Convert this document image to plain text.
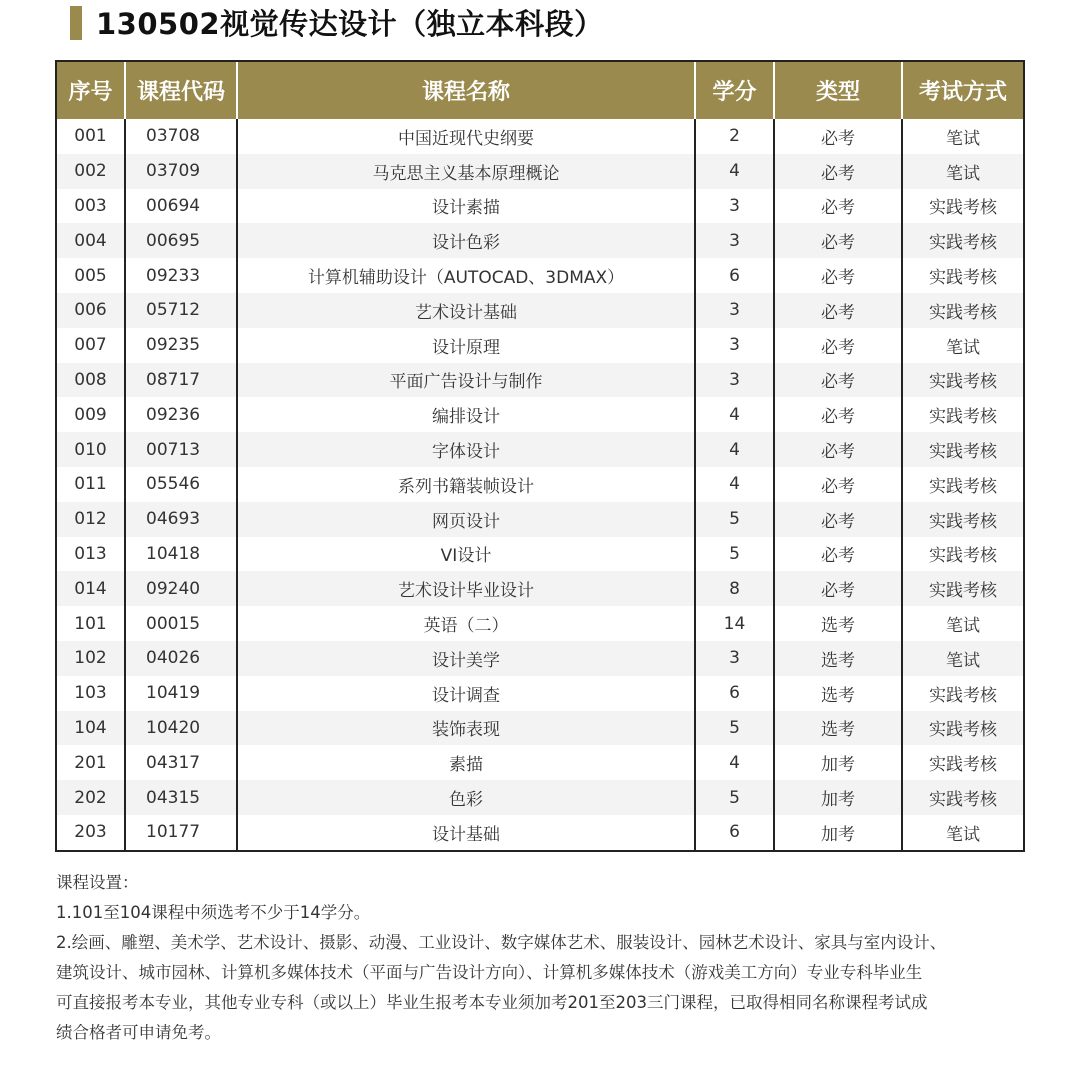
130502视觉传达设计（独立本科段）
序号	课程代码	课程名称	学分	类型	考试方式
001	03708	中国近现代史纲要	2	必考	笔试
002	03709	马克思主义基本原理概论	4	必考	笔试
003	00694	设计素描	3	必考	实践考核
004	00695	设计色彩	3	必考	实践考核
005	09233	计算机辅助设计（AUTOCAD、3DMAX）	6	必考	实践考核
006	05712	艺术设计基础	3	必考	实践考核
007	09235	设计原理	3	必考	笔试
008	08717	平面广告设计与制作	3	必考	实践考核
009	09236	编排设计	4	必考	实践考核
010	00713	字体设计	4	必考	实践考核
011	05546	系列书籍装帧设计	4	必考	实践考核
012	04693	网页设计	5	必考	实践考核
013	10418	VI设计	5	必考	实践考核
014	09240	艺术设计毕业设计	8	必考	实践考核
101	00015	英语（二）	14	选考	笔试
102	04026	设计美学	3	选考	笔试
103	10419	设计调查	6	选考	实践考核
104	10420	装饰表现	5	选考	实践考核
201	04317	素描	4	加考	实践考核
202	04315	色彩	5	加考	实践考核
203	10177	设计基础	6	加考	笔试

课程设置：

1.101至104课程中须选考不少于14学分。

2.绘画、雕塑、美术学、艺术设计、摄影、动漫、工业设计、数字媒体艺术、服装设计、园林艺术设计、家具与室内设计、

建筑设计、城市园林、计算机多媒体技术（平面与广告设计方向）、计算机多媒体技术（游戏美工方向）专业专科毕业生

可直接报考本专业，其他专业专科（或以上）毕业生报考本专业须加考201至203三门课程，已取得相同名称课程考试成

绩合格者可申请免考。
